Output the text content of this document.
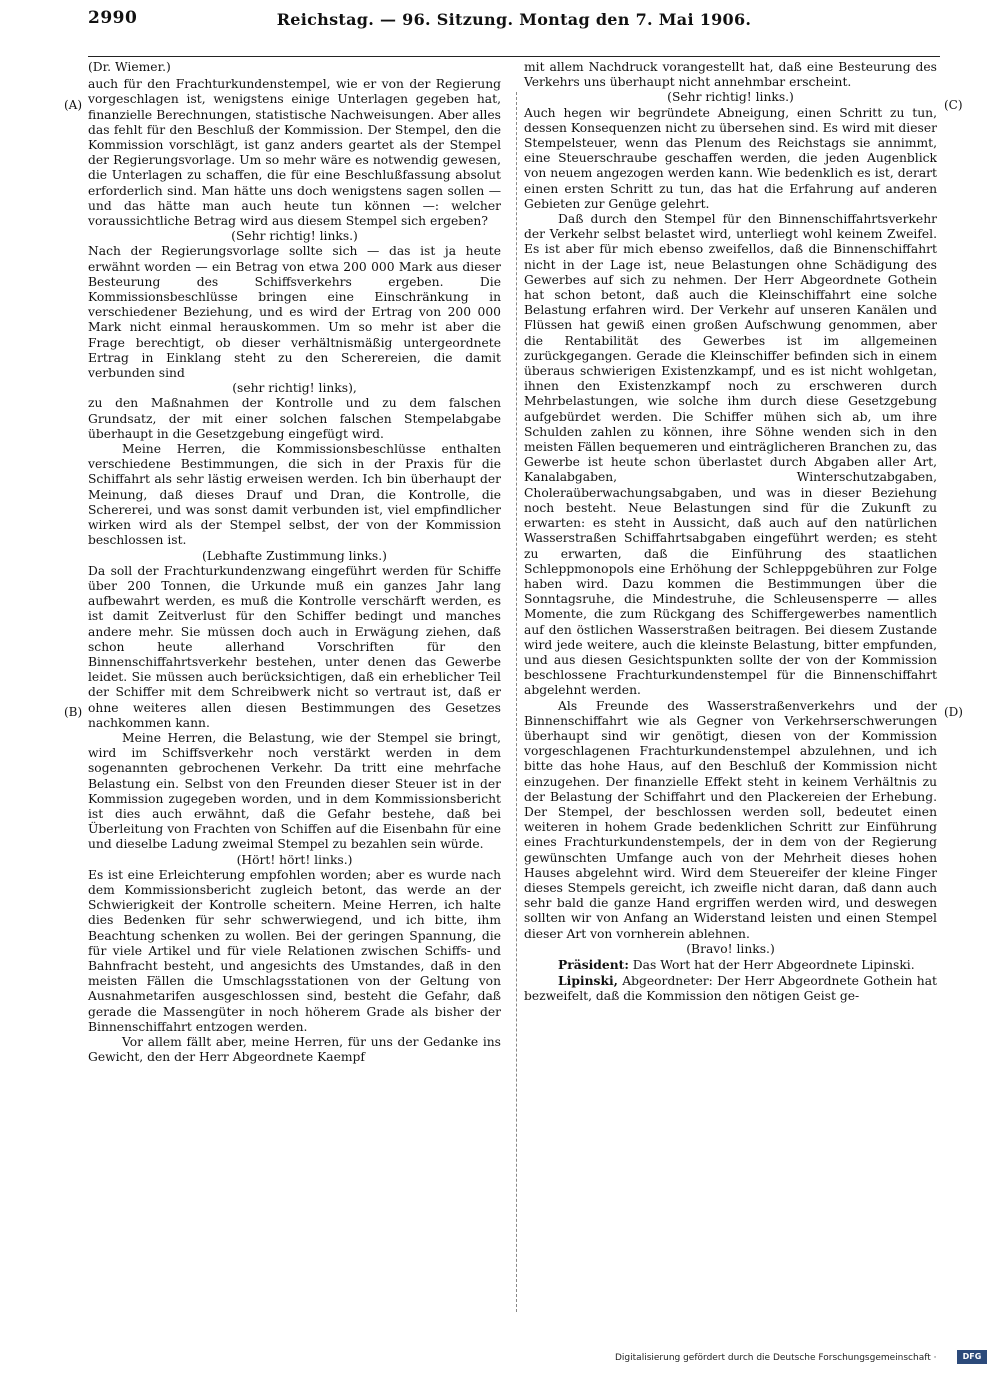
2990	Reichstag. — 96. Sitzung. Montag den 7. Mai 1906.
(A)
(B)
(C)
(D)
(Dr. Wiemer.)

auch für den Frachturkundenstempel, wie er von der Regierung vorgeschlagen ist, wenigstens einige Unterlagen gegeben hat, finanzielle Berechnungen, statistische Nachweisungen. Aber alles das fehlt für den Beschluß der Kommission. Der Stempel, den die Kommission vorschlägt, ist ganz anders geartet als der Stempel der Regierungsvorlage. Um so mehr wäre es notwendig gewesen, die Unterlagen zu schaffen, die für eine Beschlußfassung absolut erforderlich sind. Man hätte uns doch wenigstens sagen sollen — und das hätte man auch heute tun können —: welcher voraussichtliche Betrag wird aus diesem Stempel sich ergeben?

(Sehr richtig! links.)

Nach der Regierungsvorlage sollte sich — das ist ja heute erwähnt worden — ein Betrag von etwa 200 000 Mark aus dieser Besteurung des Schiffsverkehrs ergeben. Die Kommissionsbeschlüsse bringen eine Einschränkung in verschiedener Beziehung, und es wird der Ertrag von 200 000 Mark nicht einmal herauskommen. Um so mehr ist aber die Frage berechtigt, ob dieser verhältnismäßig untergeordnete Ertrag in Einklang steht zu den Scherereien, die damit verbunden sind

(sehr richtig! links),

zu den Maßnahmen der Kontrolle und zu dem falschen Grundsatz, der mit einer solchen falschen Stempelabgabe überhaupt in die Gesetzgebung eingefügt wird.

Meine Herren, die Kommissionsbeschlüsse enthalten verschiedene Bestimmungen, die sich in der Praxis für die Schiffahrt als sehr lästig erweisen werden. Ich bin überhaupt der Meinung, daß dieses Drauf und Dran, die Kontrolle, die Schererei, und was sonst damit verbunden ist, viel empfindlicher wirken wird als der Stempel selbst, der von der Kommission beschlossen ist.

(Lebhafte Zustimmung links.)

Da soll der Frachturkundenzwang eingeführt werden für Schiffe über 200 Tonnen, die Urkunde muß ein ganzes Jahr lang aufbewahrt werden, es muß die Kontrolle verschärft werden, es ist damit Zeitverlust für den Schiffer bedingt und manches andere mehr. Sie müssen doch auch in Erwägung ziehen, daß schon heute allerhand Vorschriften für den Binnenschiffahrtsverkehr bestehen, unter denen das Gewerbe leidet. Sie müssen auch berücksichtigen, daß ein erheblicher Teil der Schiffer mit dem Schreibwerk nicht so vertraut ist, daß er ohne weiteres allen diesen Bestimmungen des Gesetzes nachkommen kann.

Meine Herren, die Belastung, wie der Stempel sie bringt, wird im Schiffsverkehr noch verstärkt werden in dem sogenannten gebrochenen Verkehr. Da tritt eine mehrfache Belastung ein. Selbst von den Freunden dieser Steuer ist in der Kommission zugegeben worden, und in dem Kommissionsbericht ist dies auch erwähnt, daß die Gefahr bestehe, daß bei Überleitung von Frachten von Schiffen auf die Eisenbahn für eine und dieselbe Ladung zweimal Stempel zu bezahlen sein würde.

(Hört! hört! links.)

Es ist eine Erleichterung empfohlen worden; aber es wurde nach dem Kommissionsbericht zugleich betont, das werde an der Schwierigkeit der Kontrolle scheitern. Meine Herren, ich halte dies Bedenken für sehr schwerwiegend, und ich bitte, ihm Beachtung schenken zu wollen. Bei der geringen Spannung, die für viele Artikel und für viele Relationen zwischen Schiffs- und Bahnfracht besteht, und angesichts des Umstandes, daß in den meisten Fällen die Umschlagsstationen von der Geltung von Ausnahmetarifen ausgeschlossen sind, besteht die Gefahr, daß gerade die Massengüter in noch höherem Grade als bisher der Binnenschiffahrt entzogen werden.

Vor allem fällt aber, meine Herren, für uns der Gedanke ins Gewicht, den der Herr Abgeordnete Kaempf

mit allem Nachdruck vorangestellt hat, daß eine Besteurung des Verkehrs uns überhaupt nicht annehmbar erscheint.

(Sehr richtig! links.)

Auch hegen wir begründete Abneigung, einen Schritt zu tun, dessen Konsequenzen nicht zu übersehen sind. Es wird mit dieser Stempelsteuer, wenn das Plenum des Reichstags sie annimmt, eine Steuerschraube geschaffen werden, die jeden Augenblick von neuem angezogen werden kann. Wie bedenklich es ist, derart einen ersten Schritt zu tun, das hat die Erfahrung auf anderen Gebieten zur Genüge gelehrt.

Daß durch den Stempel für den Binnenschiffahrtsverkehr der Verkehr selbst belastet wird, unterliegt wohl keinem Zweifel. Es ist aber für mich ebenso zweifellos, daß die Binnenschiffahrt nicht in der Lage ist, neue Belastungen ohne Schädigung des Gewerbes auf sich zu nehmen. Der Herr Abgeordnete Gothein hat schon betont, daß auch die Kleinschiffahrt eine solche Belastung erfahren wird. Der Verkehr auf unseren Kanälen und Flüssen hat gewiß einen großen Aufschwung genommen, aber die Rentabilität des Gewerbes ist im allgemeinen zurückgegangen. Gerade die Kleinschiffer befinden sich in einem überaus schwierigen Existenzkampf, und es ist nicht wohlgetan, ihnen den Existenzkampf noch zu erschweren durch Mehrbelastungen, wie solche ihm durch diese Gesetzgebung aufgebürdet werden. Die Schiffer mühen sich ab, um ihre Schulden zahlen zu können, ihre Söhne wenden sich in den meisten Fällen bequemeren und einträglicheren Branchen zu, das Gewerbe ist heute schon überlastet durch Abgaben aller Art, Kanalabgaben, Winterschutzabgaben, Choleraüberwachungsabgaben, und was in dieser Beziehung noch besteht. Neue Belastungen sind für die Zukunft zu erwarten: es steht in Aussicht, daß auch auf den natürlichen Wasserstraßen Schiffahrtsabgaben eingeführt werden; es steht zu erwarten, daß die Einführung des staatlichen Schleppmonopols eine Erhöhung der Schleppgebühren zur Folge haben wird. Dazu kommen die Bestimmungen über die Sonntagsruhe, die Mindestruhe, die Schleusensperre — alles Momente, die zum Rückgang des Schiffergewerbes namentlich auf den östlichen Wasserstraßen beitragen. Bei diesem Zustande wird jede weitere, auch die kleinste Belastung, bitter empfunden, und aus diesen Gesichtspunkten sollte der von der Kommission beschlossene Frachturkundenstempel für die Binnenschiffahrt abgelehnt werden.

Als Freunde des Wasserstraßenverkehrs und der Binnenschiffahrt wie als Gegner von Verkehrserschwerungen überhaupt sind wir genötigt, diesen von der Kommission vorgeschlagenen Frachturkundenstempel abzulehnen, und ich bitte das hohe Haus, auf den Beschluß der Kommission nicht einzugehen. Der finanzielle Effekt steht in keinem Verhältnis zu der Belastung der Schiffahrt und den Plackereien der Erhebung. Der Stempel, der beschlossen werden soll, bedeutet einen weiteren in hohem Grade bedenklichen Schritt zur Einführung eines Frachturkundenstempels, der in dem von der Regierung gewünschten Umfange auch von der Mehrheit dieses hohen Hauses abgelehnt wird. Wird dem Steuereifer der kleine Finger dieses Stempels gereicht, ich zweifle nicht daran, daß dann auch sehr bald die ganze Hand ergriffen werden wird, und deswegen sollten wir von Anfang an Widerstand leisten und einen Stempel dieser Art von vornherein ablehnen.

(Bravo! links.)

Präsident: Das Wort hat der Herr Abgeordnete Lipinski.

Lipinski, Abgeordneter: Der Herr Abgeordnete Gothein hat bezweifelt, daß die Kommission den nötigen Geist ge-

Digitalisierung gefördert durch die Deutsche Forschungsgemeinschaft ·	DFG
